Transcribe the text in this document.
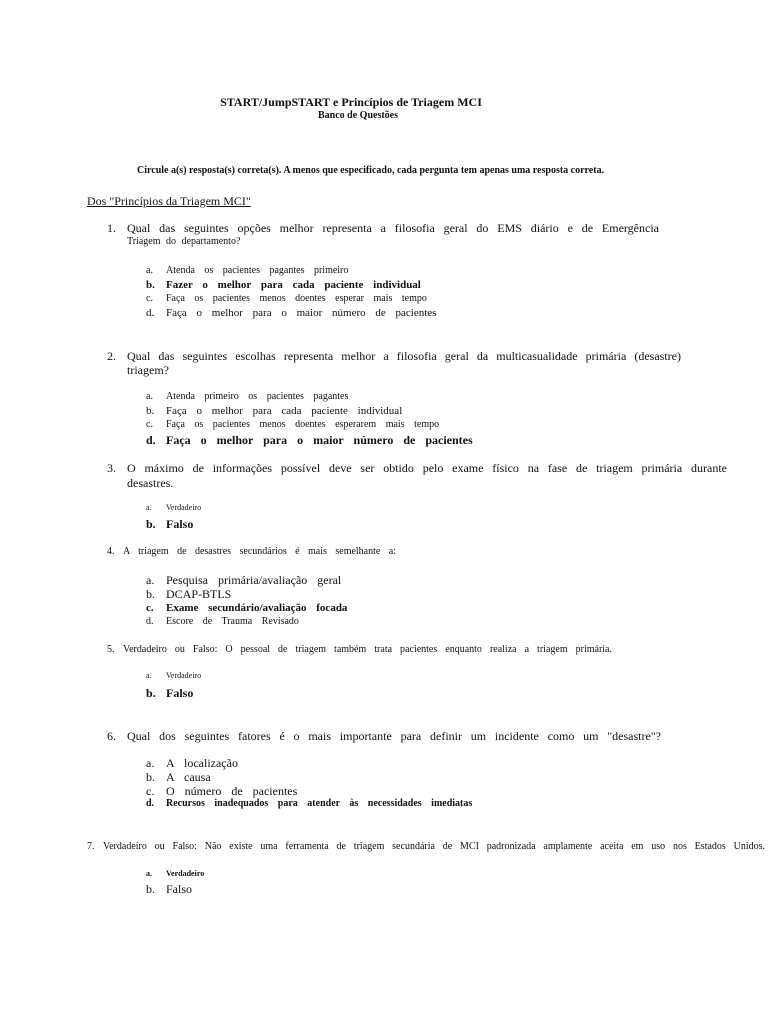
START/JumpSTART e Princípios de Triagem MCI
Banco de Questões
Circule a(s) resposta(s) correta(s). A menos que especificado, cada pergunta tem apenas uma resposta correta.
Dos "Princípios da Triagem MCI"
1. Qual das seguintes opções melhor representa a filosofia geral do EMS diário e de Emergência
Triagem do departamento?
a. Atenda os pacientes pagantes primeiro
b. Fazer o melhor para cada paciente individual
c. Faça os pacientes menos doentes esperar mais tempo
d. Faça o melhor para o maior número de pacientes
2. Qual das seguintes escolhas representa melhor a filosofia geral da multicasualidade primária (desastre)
triagem?
a. Atenda primeiro os pacientes pagantes
b. Faça o melhor para cada paciente individual
c. Faça os pacientes menos doentes esperarem mais tempo
d. Faça o melhor para o maior número de pacientes
3. O máximo de informações possível deve ser obtido pelo exame físico na fase de triagem primária durante
desastres.
a. Verdadeiro
b. Falso
4. A triagem de desastres secundários é mais semelhante a:
a. Pesquisa primária/avaliação geral
b. DCAP-BTLS
c. Exame secundário/avaliação focada
d. Escore de Trauma Revisado
5. Verdadeiro ou Falso: O pessoal de triagem também trata pacientes enquanto realiza a triagem primária.
a. Verdadeiro
b. Falso
6. Qual dos seguintes fatores é o mais importante para definir um incidente como um "desastre"?
a. A localização
b. A causa
c. O número de pacientes
d. Recursos inadequados para atender às necessidades imediatas
7. Verdadeiro ou Falso: Não existe uma ferramenta de triagem secundária de MCI padronizada amplamente aceita em uso nos Estados Unidos.
a. Verdadeiro
b. Falso
